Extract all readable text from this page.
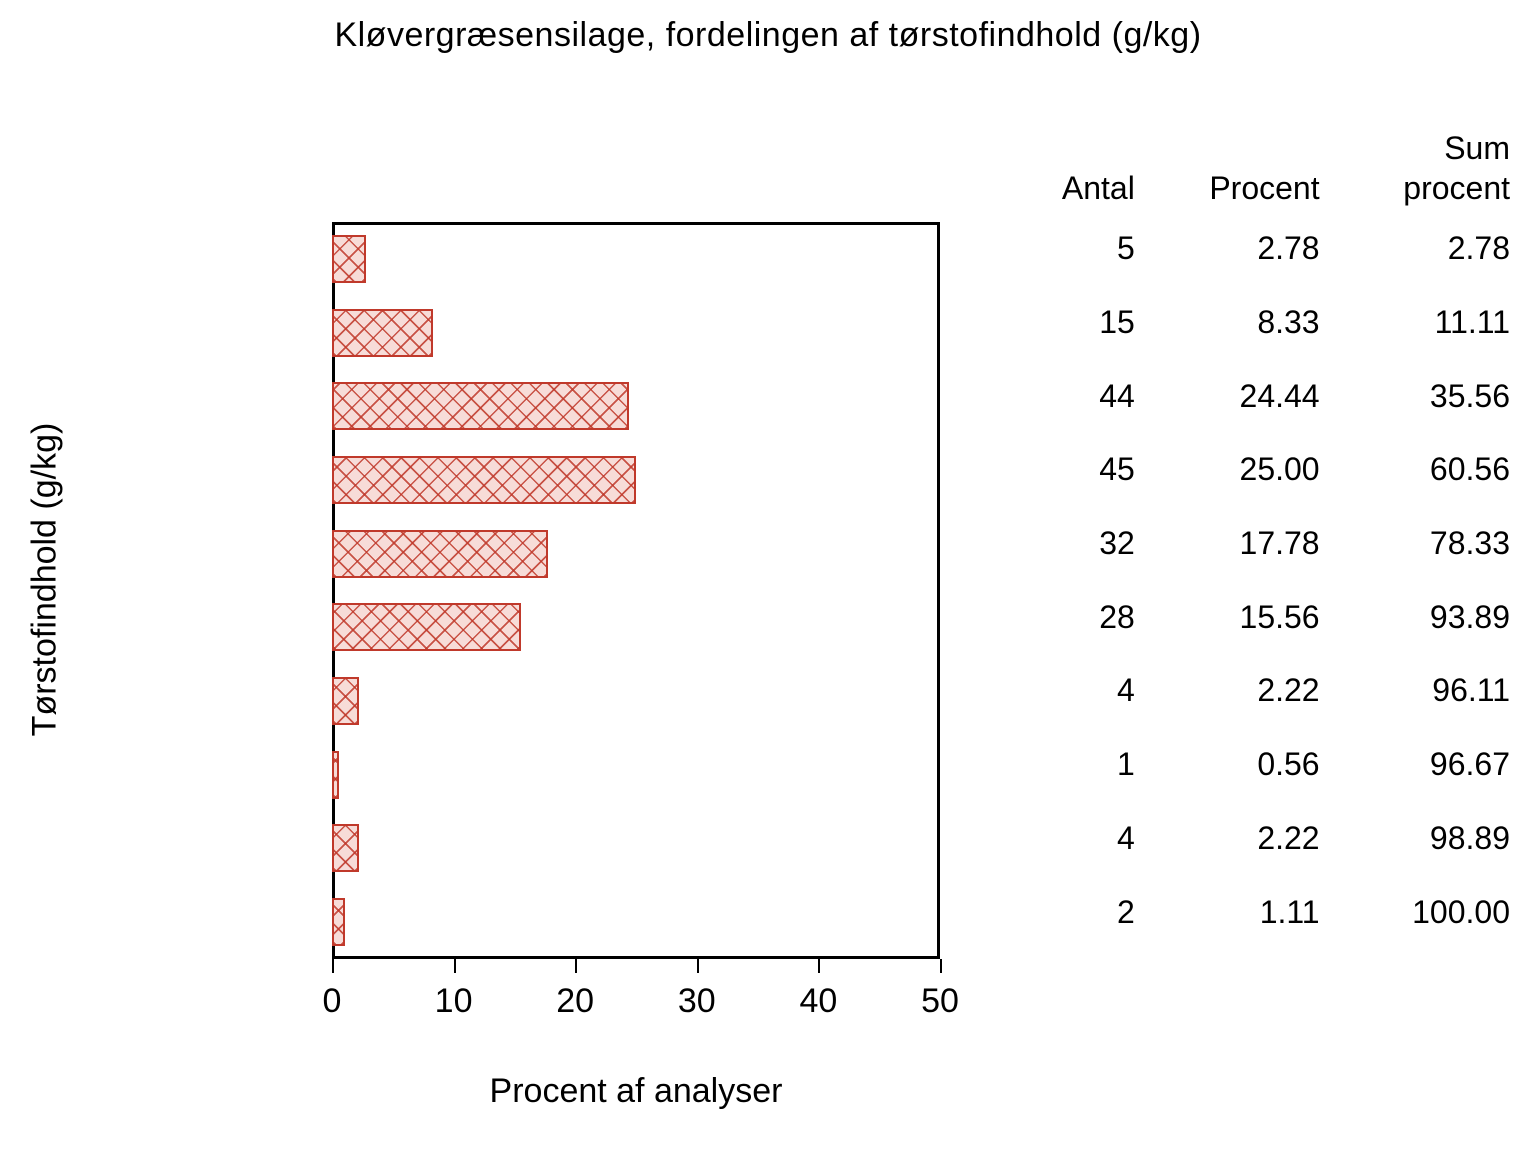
Kløvergræsensilage, fordelingen af tørstofindhold (g/kg)
Tørstofindhold (g/kg)
0	10	20	30	40	50
Procent af analyser
Antal	Procent	Sum
procent
5	2.78	2.78
15	8.33	11.11
44	24.44	35.56
45	25.00	60.56
32	17.78	78.33
28	15.56	93.89
4	2.22	96.11
1	0.56	96.67
4	2.22	98.89
2	1.11	100.00
